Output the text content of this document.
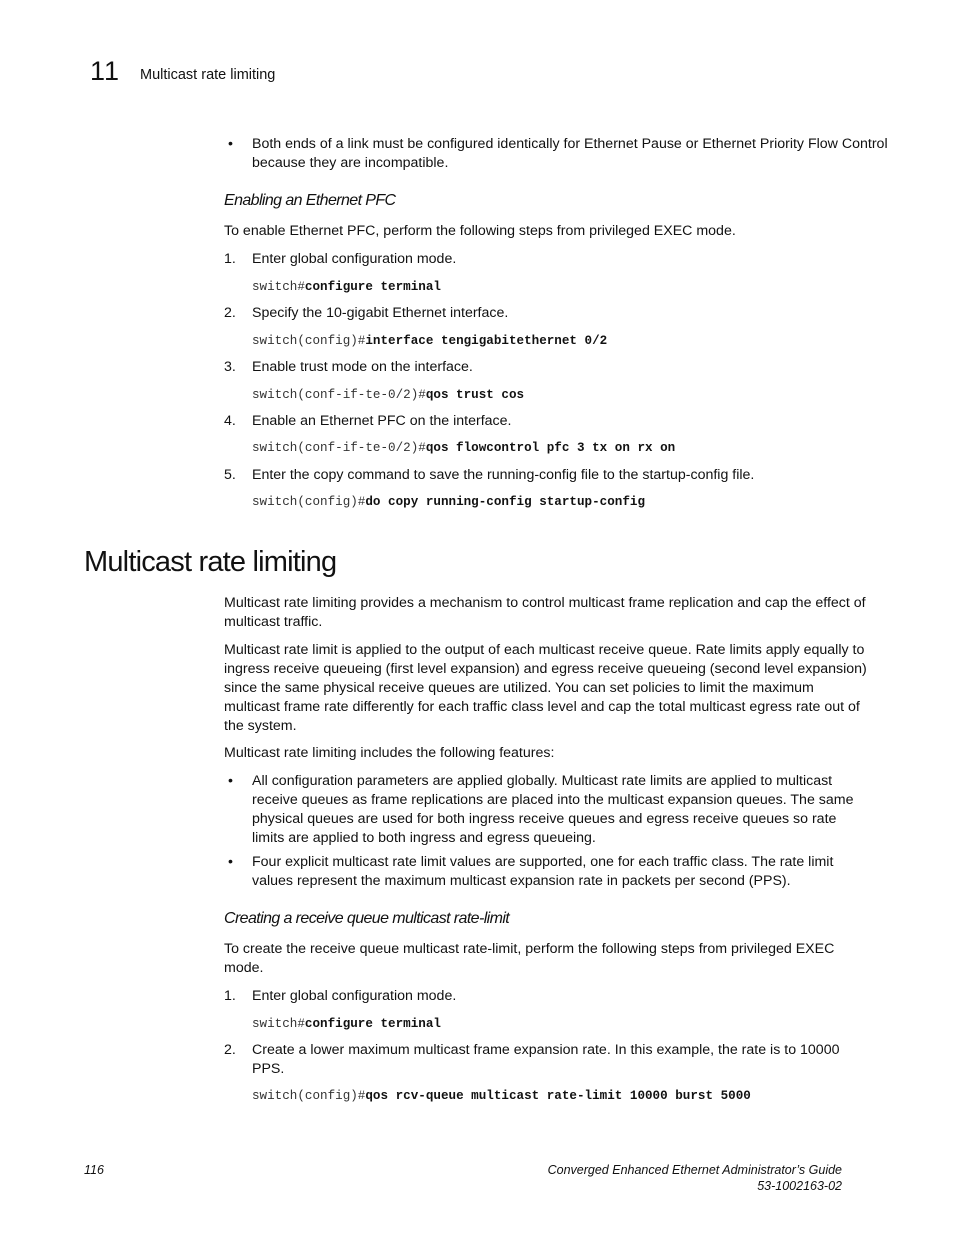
11 Multicast rate limiting
• Both ends of a link must be configured identically for Ethernet Pause or Ethernet Priority Flow Control because they are incompatible.
Enabling an Ethernet PFC
To enable Ethernet PFC, perform the following steps from privileged EXEC mode.
1. Enter global configuration mode.
switch#configure terminal
2. Specify the 10-gigabit Ethernet interface.
switch(config)#interface tengigabitethernet 0/2
3. Enable trust mode on the interface.
switch(conf-if-te-0/2)#qos trust cos
4. Enable an Ethernet PFC on the interface.
switch(conf-if-te-0/2)#qos flowcontrol pfc 3 tx on rx on
5. Enter the copy command to save the running-config file to the startup-config file.
switch(config)#do copy running-config startup-config
Multicast rate limiting
Multicast rate limiting provides a mechanism to control multicast frame replication and cap the effect of multicast traffic.
Multicast rate limit is applied to the output of each multicast receive queue. Rate limits apply equally to ingress receive queueing (first level expansion) and egress receive queueing (second level expansion) since the same physical receive queues are utilized. You can set policies to limit the maximum multicast frame rate differently for each traffic class level and cap the total multicast egress rate out of the system.
Multicast rate limiting includes the following features:
• All configuration parameters are applied globally. Multicast rate limits are applied to multicast receive queues as frame replications are placed into the multicast expansion queues. The same physical queues are used for both ingress receive queues and egress receive queues so rate limits are applied to both ingress and egress queueing.
• Four explicit multicast rate limit values are supported, one for each traffic class. The rate limit values represent the maximum multicast expansion rate in packets per second (PPS).
Creating a receive queue multicast rate-limit
To create the receive queue multicast rate-limit, perform the following steps from privileged EXEC mode.
1. Enter global configuration mode.
switch#configure terminal
2.	Create a lower maximum multicast frame expansion rate. In this example, the rate is to 10000 PPS.
switch(config)#qos rcv-queue multicast rate-limit 10000 burst 5000
116	Converged Enhanced Ethernet Administrator’s Guide
53-1002163-02
